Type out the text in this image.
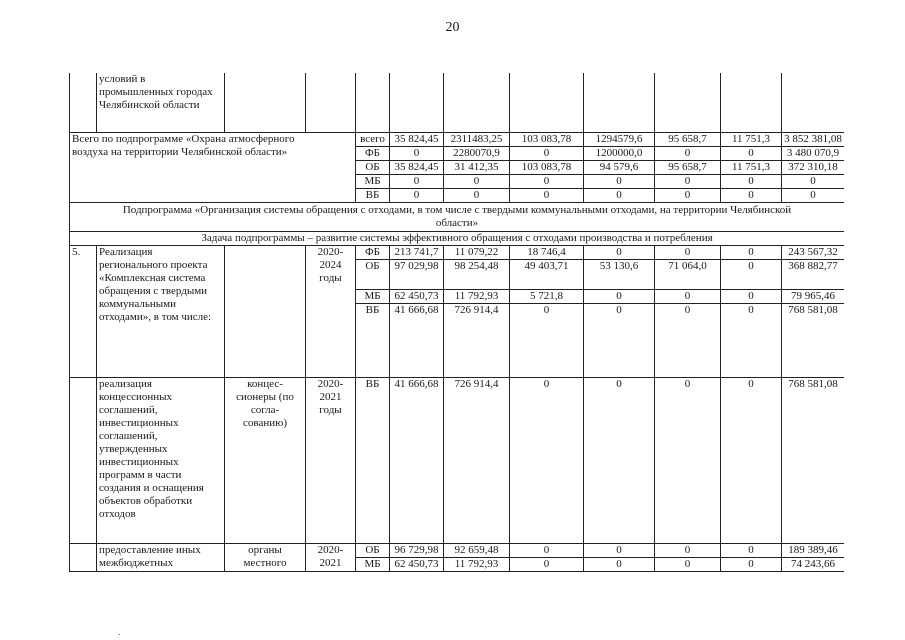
20
	условий в промышленных городах Челябинской области										
Всего по подпрограмме «Охрана атмосферного воздуха на территории Челябинской области»				всего	35 824,45	2311483,25	103 083,78	1294579,6	95 658,7	11 751,3	3 852 381,08
				ФБ	0	2280070,9	0	1200000,0	0	0	3 480 070,9
				ОБ	35 824,45	31 412,35	103 083,78	94 579,6	95 658,7	11 751,3	372 310,18
				МБ	0	0	0	0	0	0	0
				ВБ	0	0	0	0	0	0	0
Подпрограмма «Организация системы обращения с отходами, в том числе с твердыми коммунальными отходами, на территории Челябинской области»											
Задача подпрограммы – развитие системы эффективного обращения с отходами производства и потребления											
5.	Реализация регионального проекта «Комплексная система обращения с твердыми коммунальными отходами», в том числе:		2020-2024 годы	ФБ	213 741,7	11 079,22	18 746,4	0	0	0	243 567,32
				ОБ	97 029,98	98 254,48	49 403,71	53 130,6	71 064,0	0	368 882,77
				МБ	62 450,73	11 792,93	5 721,8	0	0	0	79 965,46
				ВБ	41 666,68	726 914,4	0	0	0	0	768 581,08
	реализация концессионных соглашений, инвестиционных соглашений, утвержденных инвестиционных программ в части создания и оснащения объектов обработки отходов	концес-сионеры (по согла-сованию)	2020-2021 годы	ВБ	41 666,68	726 914,4	0	0	0	0	768 581,08
	предоставление иных межбюджетных	органы местного	2020-2021	ОБ	96 729,98	92 659,48	0	0	0	0	189 389,46
				МБ	62 450,73	11 792,93	0	0	0	0	74 243,66
